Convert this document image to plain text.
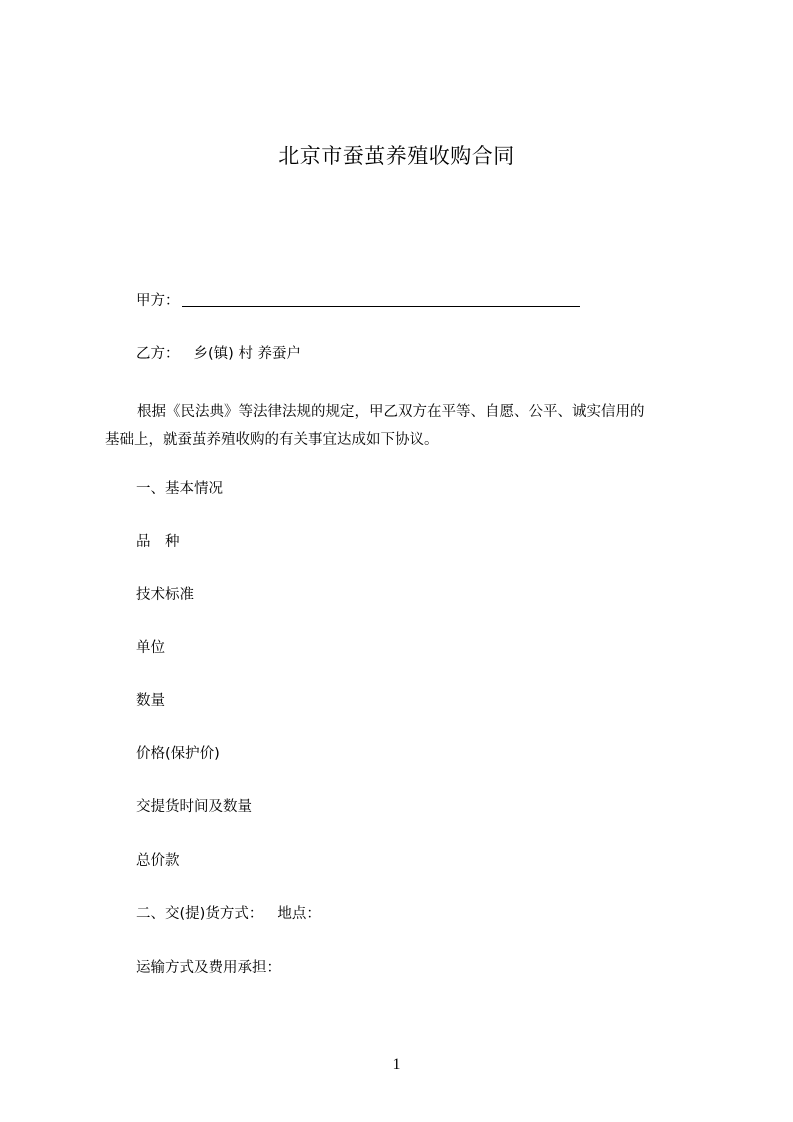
北京市蚕茧养殖收购合同
甲方：
乙方： 乡(镇) 村 养蚕户
根据《民法典》等法律法规的规定，甲乙双方在平等、自愿、公平、诚实信用的
基础上，就蚕茧养殖收购的有关事宜达成如下协议。
一、基本情况
品　种
技术标准
单位
数量
价格(保护价)
交提货时间及数量
总价款
二、交(提)货方式： 地点：
运输方式及费用承担：
1
